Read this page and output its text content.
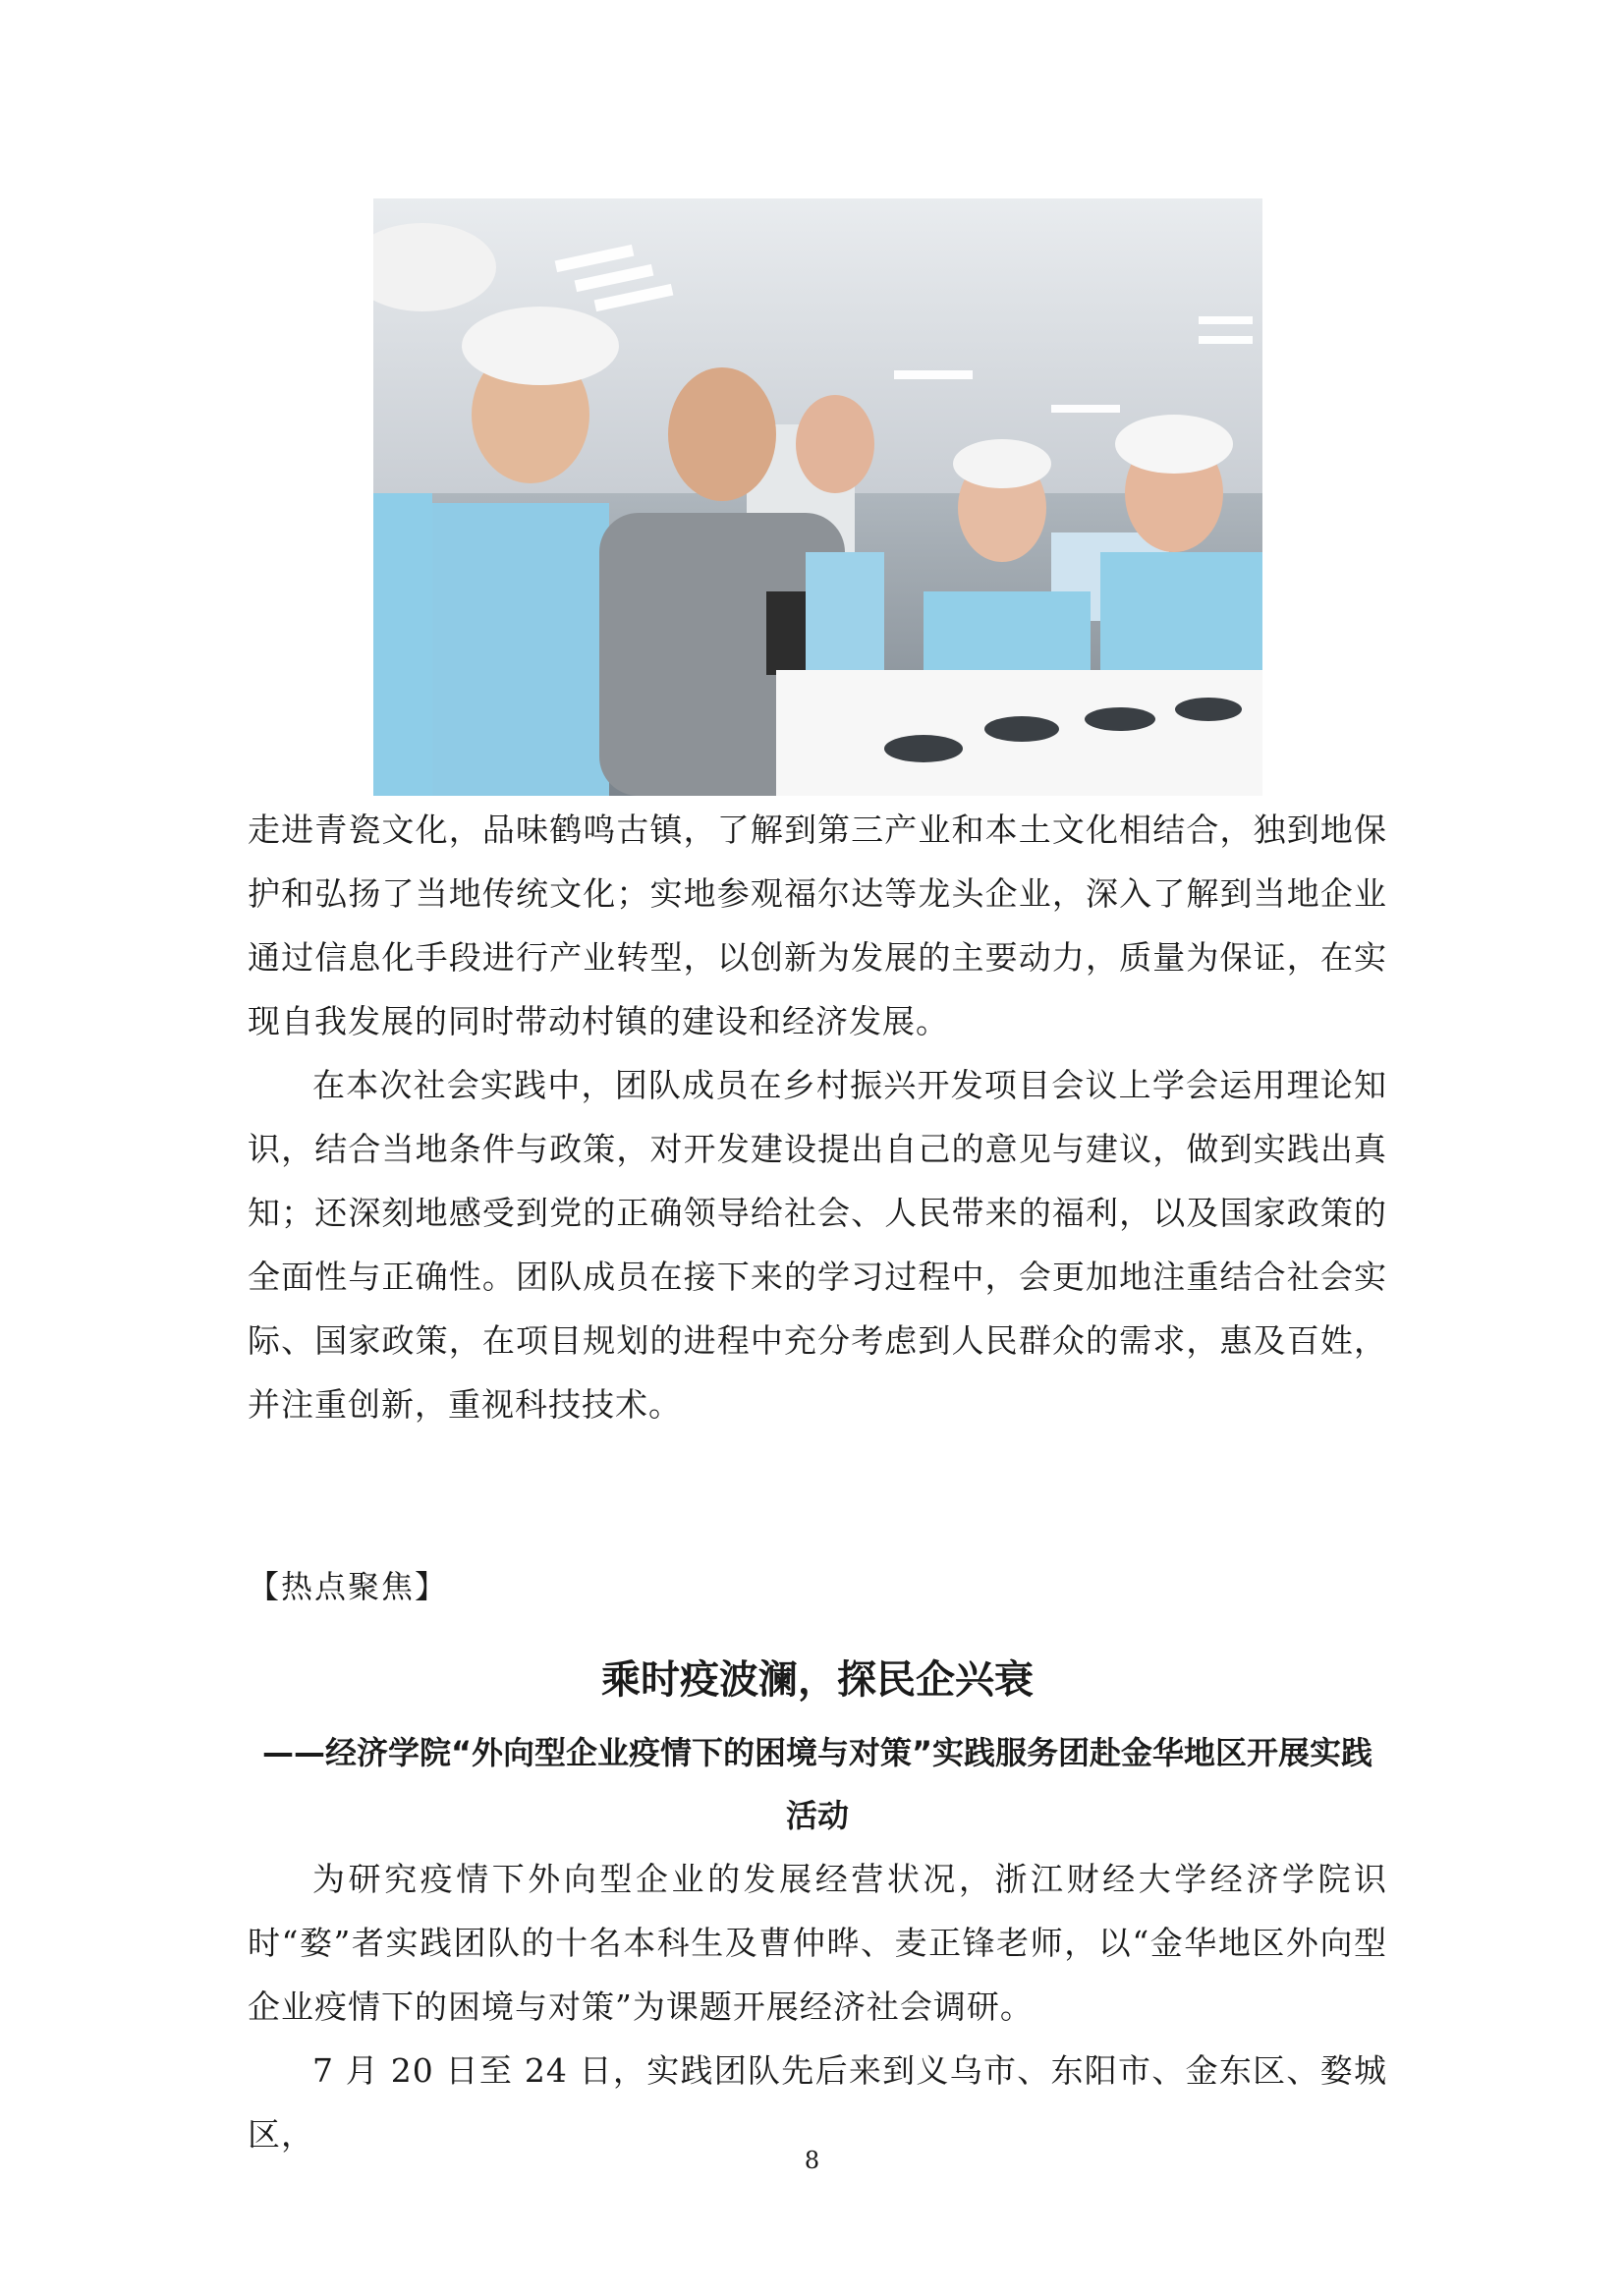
走进青瓷文化，品味鹤鸣古镇，了解到第三产业和本土文化相结合，独到地保护和弘扬了当地传统文化；实地参观福尔达等龙头企业，深入了解到当地企业通过信息化手段进行产业转型，以创新为发展的主要动力，质量为保证，在实现自我发展的同时带动村镇的建设和经济发展。

在本次社会实践中，团队成员在乡村振兴开发项目会议上学会运用理论知识，结合当地条件与政策，对开发建设提出自己的意见与建议，做到实践出真知；还深刻地感受到党的正确领导给社会、人民带来的福利，以及国家政策的全面性与正确性。团队成员在接下来的学习过程中，会更加地注重结合社会实际、国家政策，在项目规划的进程中充分考虑到人民群众的需求，惠及百姓，并注重创新，重视科技技术。

【热点聚焦】
乘时疫波澜，探民企兴衰
——经济学院“外向型企业疫情下的困境与对策”实践服务团赴金华地区开展实践活动

为研究疫情下外向型企业的发展经营状况，浙江财经大学经济学院识时“婺”者实践团队的十名本科生及曹仲晔、麦正锋老师，以“金华地区外向型企业疫情下的困境与对策”为课题开展经济社会调研。

7 月 20 日至 24 日，实践团队先后来到义乌市、东阳市、金东区、婺城区，

8
